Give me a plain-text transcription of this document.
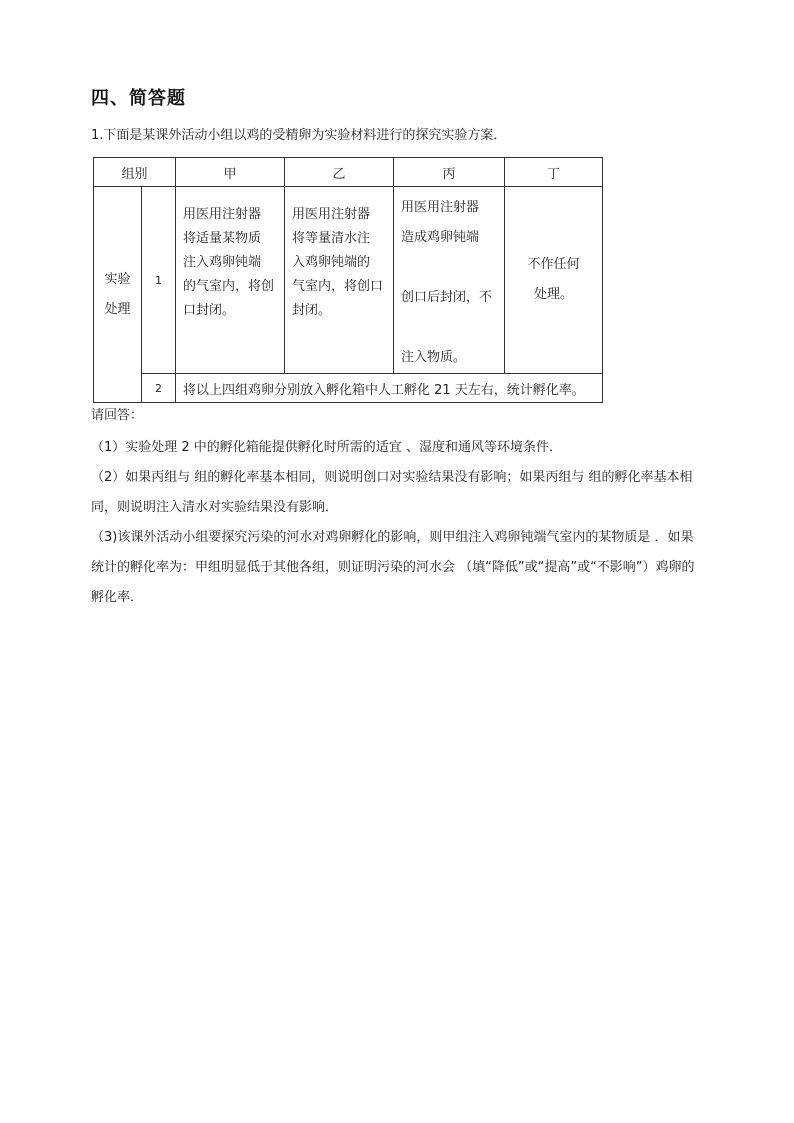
四、简答题
1.下面是某课外活动小组以鸡的受精卵为实验材料进行的探究实验方案．
组别		甲	乙	丙	丁
实验
处理	1	用医用注射器
将适量某物质
注入鸡卵钝端
的气室内，将创
口封闭。	用医用注射器
将等量清水注
入鸡卵钝端的
气室内，将创口
封闭。	用医用注射器
造成鸡卵钝端

创口后封闭，不

注入物质。	不作任何
处理。
	2	将以上四组鸡卵分别放入孵化箱中人工孵化 21 天左右，统计孵化率。			
请回答：
（1）实验处理 2 中的孵化箱能提供孵化时所需的适宜 、湿度和通风等环境条件．
（2）如果丙组与 组的孵化率基本相同，则说明创口对实验结果没有影响；如果丙组与 组的孵化率基本相同，则说明注入清水对实验结果没有影响．
（3)该课外活动小组要探究污染的河水对鸡卵孵化的影响，则甲组注入鸡卵钝端气室内的某物质是 ．如果统计的孵化率为：甲组明显低于其他各组，则证明污染的河水会 （填“降低”或“提高”或“不影响”）鸡卵的孵化率．
